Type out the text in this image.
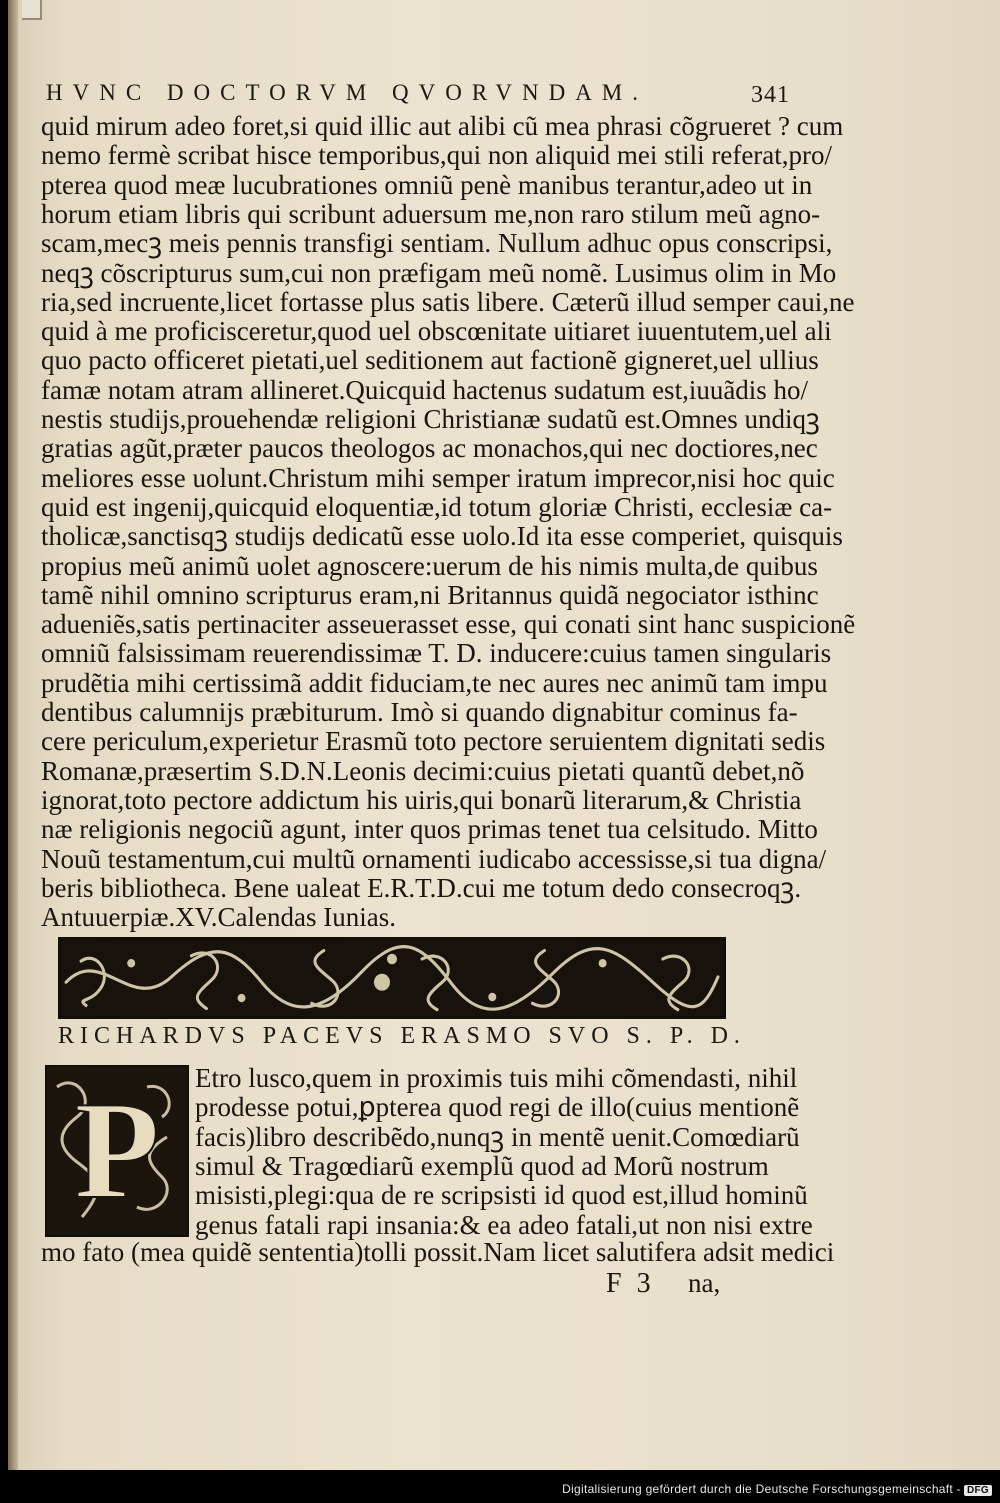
HVNC DOCTORVM QVORVNDAM.	341
quid mirum adeo foret,si quid illic aut alibi cũ mea phrasi cõgrueret ? cum
nemo fermè scribat hisce temporibus,qui non aliquid mei stili referat,pro/
pterea quod meæ lucubrationes omniũ penè manibus terantur,adeo ut in
horum etiam libris qui scribunt aduersum me,non raro stilum meũ agno-
scam,mecꝫ meis pennis transfigi sentiam. Nullum adhuc opus conscripsi,
neqꝫ cõscripturus sum,cui non præfigam meũ nomẽ. Lusimus olim in Mo
ria,sed incruente,licet fortasse plus satis libere. Cæterũ illud semper caui,ne
quid à me proficisceretur,quod uel obscœnitate uitiaret iuuentutem,uel ali
quo pacto officeret pietati,uel seditionem aut factionẽ gigneret,uel ullius
famæ notam atram allineret.Quicquid hactenus sudatum est,iuuãdis ho/
nestis studijs,prouehendæ religioni Christianæ sudatũ est.Omnes undiqꝫ
gratias agũt,præter paucos theologos ac monachos,qui nec doctiores,nec
meliores esse uolunt.Christum mihi semper iratum imprecor,nisi hoc quic
quid est ingenij,quicquid eloquentiæ,id totum gloriæ Christi, ecclesiæ ca-
tholicæ,sanctisqꝫ studijs dedicatũ esse uolo.Id ita esse comperiet, quisquis
propius meũ animũ uolet agnoscere:uerum de his nimis multa,de quibus
tamẽ nihil omnino scripturus eram,ni Britannus quidã negociator isthinc
adueniẽs,satis pertinaciter asseuerasset esse, qui conati sint hanc suspicionẽ
omniũ falsissimam reuerendissimæ T. D. inducere:cuius tamen singularis
prudẽtia mihi certissimã addit fiduciam,te nec aures nec animũ tam impu
dentibus calumnijs præbiturum. Imò si quando dignabitur cominus fa-
cere periculum,experietur Erasmũ toto pectore seruientem dignitati sedis
Romanæ,præsertim S.D.N.Leonis decimi:cuius pietati quantũ debet,nõ
ignorat,toto pectore addictum his uiris,qui bonarũ literarum,& Christia
næ religionis negociũ agunt, inter quos primas tenet tua celsitudo. Mitto
Nouũ testamentum,cui multũ ornamenti iudicabo accessisse,si tua digna/
beris bibliotheca. Bene ualeat E.R.T.D.cui me totum dedo consecroqꝫ.
Antuuerpiæ.XV.Calendas Iunias.
RICHARDVS PACEVS ERASMO SVO S. P. D.
P Etro lusco,quem in proximis tuis mihi cõmendasti, nihil
prodesse potui,ꝑpterea quod regi de illo(cuius mentionẽ
facis)libro describẽdo,nunqꝫ in mentẽ uenit.Comœdiarũ
simul & Tragœdiarũ exemplũ quod ad Morũ nostrum
misisti,plegi:qua de re scripsisti id quod est,illud hominũ
genus fatali rapi insania:& ea adeo fatali,ut non nisi extre
mo fato (mea quidẽ sententia)tolli possit.Nam licet salutifera adsit medici
F 3 na,
Digitalisierung gefördert durch die Deutsche Forschungsgemeinschaft - DFG
